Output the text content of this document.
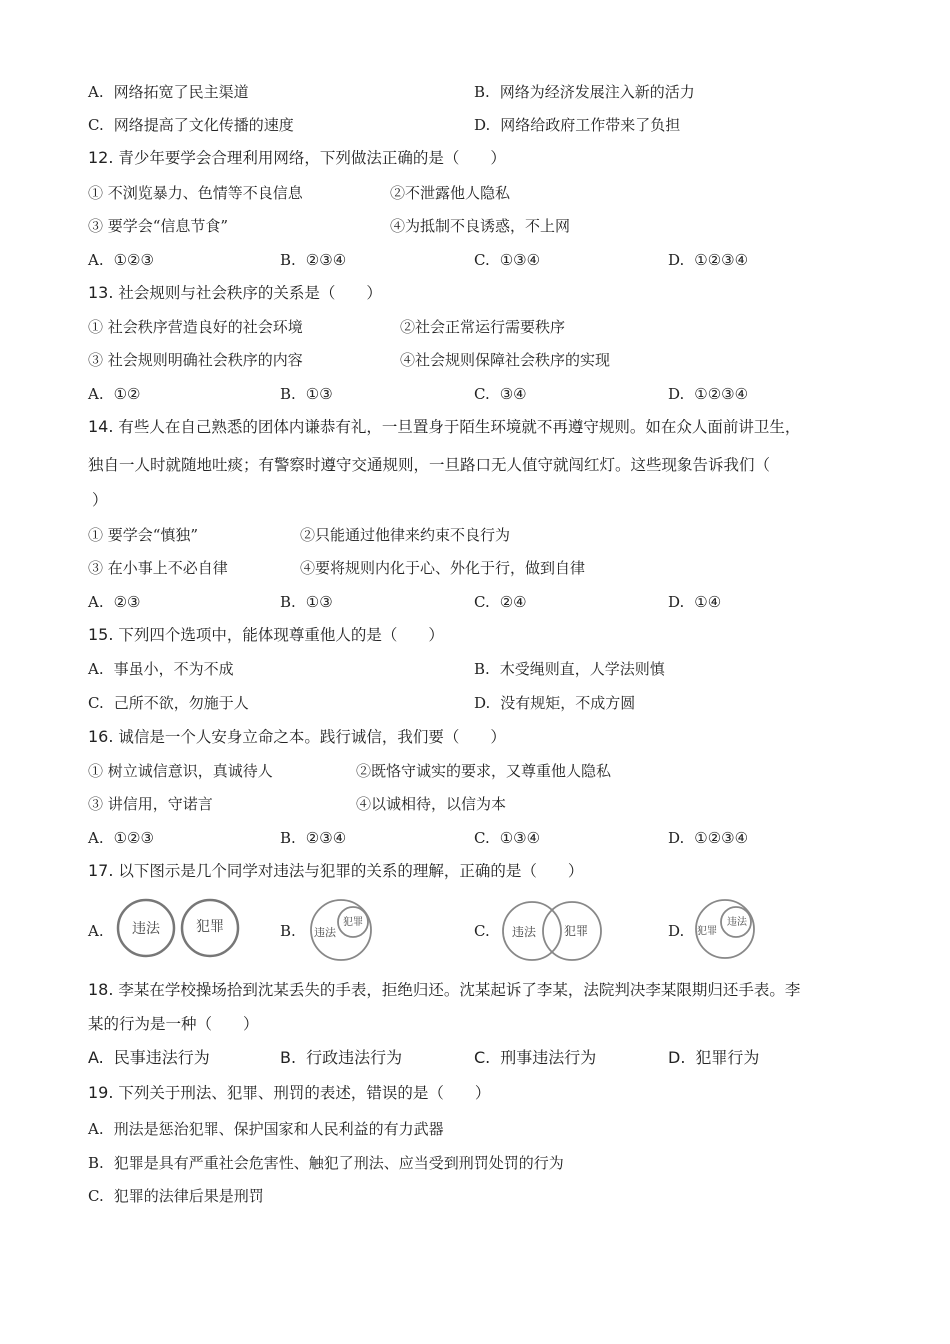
A. 网络拓宽了民主渠道	B. 网络为经济发展注入新的活力
C. 网络提高了文化传播的速度	D. 网络给政府工作带来了负担
12. 青少年要学会合理利用网络，下列做法正确的是（　　）
① 不浏览暴力、色情等不良信息	②不泄露他人隐私
③ 要学会“信息节食”	④为抵制不良诱惑，不上网
A. ①②③	B. ②③④	C. ①③④	D. ①②③④
13. 社会规则与社会秩序的关系是（　　）
① 社会秩序营造良好的社会环境	②社会正常运行需要秩序
③ 社会规则明确社会秩序的内容	④社会规则保障社会秩序的实现
A. ①②	B. ①③	C. ③④	D. ①②③④
14. 有些人在自己熟悉的团体内谦恭有礼，一旦置身于陌生环境就不再遵守规则。如在众人面前讲卫生，
独自一人时就随地吐痰；有警察时遵守交通规则，一旦路口无人值守就闯红灯。这些现象告诉我们（
）
① 要学会“慎独”	②只能通过他律来约束不良行为
③ 在小事上不必自律	④要将规则内化于心、外化于行，做到自律
A. ②③	B. ①③	C. ②④	D. ①④
15. 下列四个选项中，能体现尊重他人的是（　　）
A. 事虽小，不为不成	B. 木受绳则直，人学法则慎
C. 己所不欲，勿施于人	D. 没有规矩，不成方圆
16. 诚信是一个人安身立命之本。践行诚信，我们要（　　）
① 树立诚信意识，真诚待人	②既恪守诚实的要求，又尊重他人隐私
③ 讲信用，守诺言	④以诚相待，以信为本
A. ①②③	B. ②③④	C. ①③④	D. ①②③④
17. 以下图示是几个同学对违法与犯罪的关系的理解，正确的是（　　）
A. 违法	犯罪	B. 违法
犯罪	C. 违法 犯罪	D. 犯罪
违法
18. 李某在学校操场拾到沈某丢失的手表，拒绝归还。沈某起诉了李某，法院判决李某限期归还手表。李
某的行为是一种（　　）
A. 民事违法行为	B. 行政违法行为	C. 刑事违法行为	D. 犯罪行为
19. 下列关于刑法、犯罪、刑罚的表述，错误的是（　　）
A. 刑法是惩治犯罪、保护国家和人民利益的有力武器
B. 犯罪是具有严重社会危害性、触犯了刑法、应当受到刑罚处罚的行为
C. 犯罪的法律后果是刑罚
